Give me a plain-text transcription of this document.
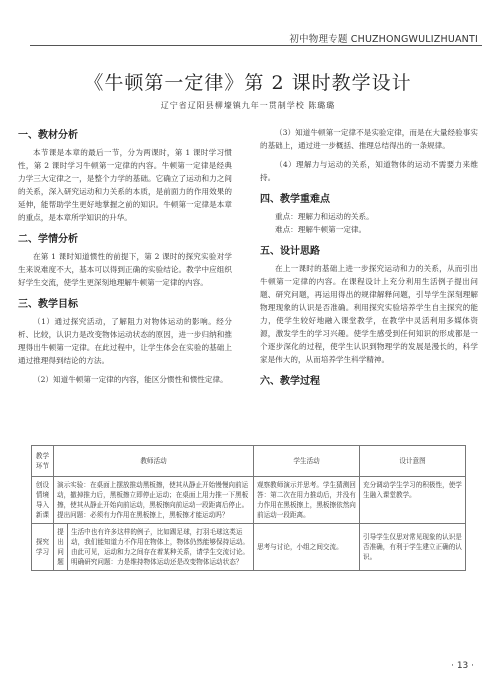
初中物理专题 CHUZHONGWULIZHUANTI
《牛顿第一定律》第 2 课时教学设计
辽宁省辽阳县柳壕镇九年一贯制学校 陈璐璐
一、教材分析

本节课是本章的最后一节，分为两课时，第 1 课时学习惯性，第 2 课时学习牛顿第一定律的内容。牛顿第一定律是经典力学三大定律之一，是整个力学的基础。它确立了运动和力之间的关系，深入研究运动和力关系的本质，是前面力的作用效果的延伸，能帮助学生更好地掌握之前的知识。牛顿第一定律是本章的重点，是本章所学知识的升华。

二、学情分析

在第 1 课时知道惯性的前提下，第 2 课时的探究实验对学生来说难度不大，基本可以得到正确的实验结论。教学中应组织好学生交流，使学生更深刻地理解牛顿第一定律的内容。

三、教学目标

（1）通过探究活动，了解阻力对物体运动的影响。经分析、比较，认识力是改变物体运动状态的原因，进一步归纳和推理得出牛顿第一定律。在此过程中，让学生体会在实验的基础上通过推理得到结论的方法。

（2）知道牛顿第一定律的内容，能区分惯性和惯性定律。

（3）知道牛顿第一定律不是实验定律，而是在大量经验事实的基础上，通过进一步概括、推理总结得出的一条规律。

（4）理解力与运动的关系，知道物体的运动不需要力来维持。

四、教学重难点

重点：理解力和运动的关系。

难点：理解牛顿第一定律。

五、设计思路

在上一课时的基础上进一步探究运动和力的关系，从而引出牛顿第一定律的内容。在课程设计上充分利用生活例子提出问题、研究问题，再运用得出的规律解释问题，引导学生深刻理解物理现象的认识是否准确。利用探究实验培养学生自主探究的能力，使学生较好地融入课堂教学，在教学中灵活利用多媒体资源，激发学生的学习兴趣。使学生感受到任何知识的形成都是一个逐步深化的过程，使学生认识到物理学的发展是漫长的，科学家是伟大的，从而培养学生科学精神。

六、教学过程
教学环节	教师活动		学生活动	设计意图
创设情境导入新课	演示实验：在桌面上摆放推动黑板擦，使其从静止开始慢慢向前运动，撤掉推力后，黑板擦立即停止运动；在桌面上用力推一下黑板擦，使其从静止开始向前运动，黑板擦向前运动一段距离后停止。提出问题：必须有力作用在黑板擦上，黑板擦才能运动吗？		观察教师演示并思考。学生猜测回答：第二次在用力推动后，并没有力作用在黑板擦上，黑板擦依然向前运动一段距离。	充分调动学生学习的积极性，使学生融入课堂教学。
探究学习	提出问题	生活中也有许多这样的例子，比如踢足球，打羽毛球这类运动，我们能知道力不作用在物体上，物体仍然能够保持运动。由此可见，运动和力之间存在着某种关系，请学生交流讨论。明确研究问题：力是维持物体运动还是改变物体运动状态？	思考与讨论，小组之间交流。	引导学生仅思对常见现象的认识是否准确，有利于学生建立正确的认识。
· 13 ·
